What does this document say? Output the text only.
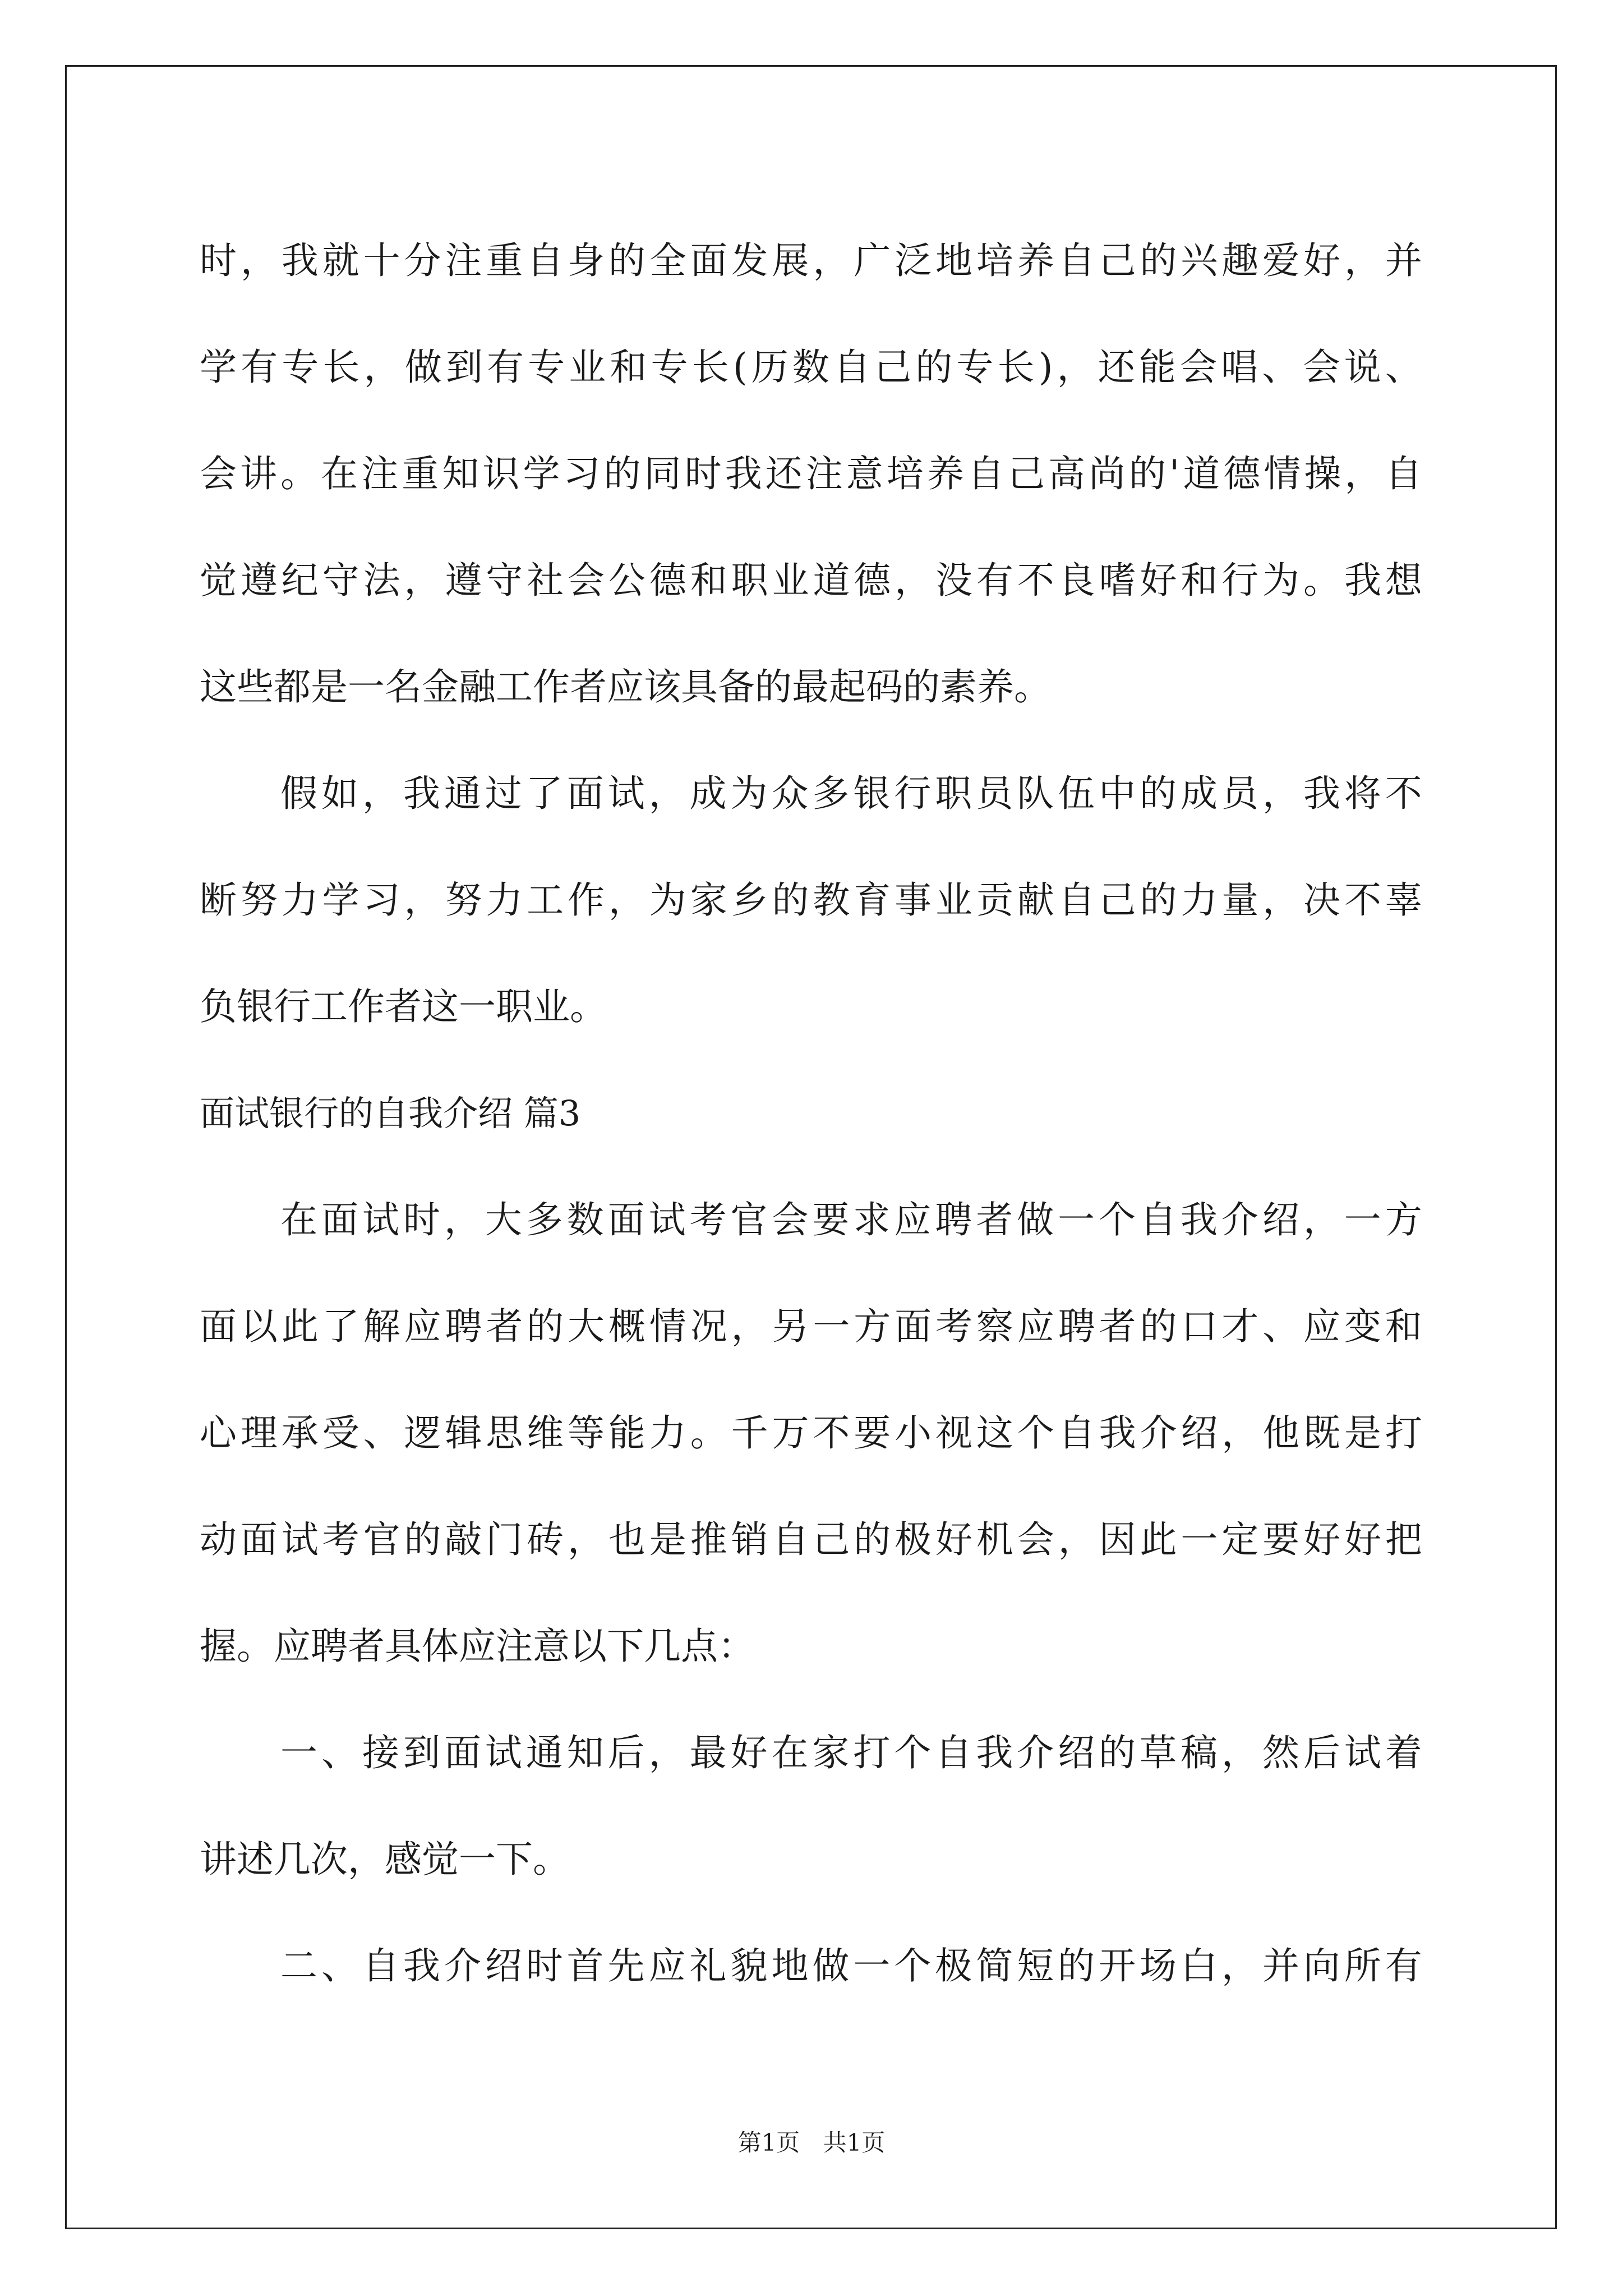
时 ， 我 就 十 分 注 重 自 身 的 全 面 发 展 ， 广 泛 地 培 养 自 己 的 兴 趣 爱 好 ， 并
学 有 专 长 ， 做 到 有 专 业 和 专 长 ( 历 数 自 己 的 专 长 ) ， 还 能 会 唱 、 会 说 、
会 讲 。 在 注 重 知 识 学 习 的 同 时 我 还 注 意 培 养 自 己 高 尚 的 ' 道 德 情 操 ， 自
觉 遵 纪 守 法 ， 遵 守 社 会 公 德 和 职 业 道 德 ， 没 有 不 良 嗜 好 和 行 为 。 我 想
这些都是一名金融工作者应该具备的最起码的素养。
假 如 ， 我 通 过 了 面 试 ， 成 为 众 多 银 行 职 员 队 伍 中 的 成 员 ， 我 将 不
断 努 力 学 习 ， 努 力 工 作 ， 为 家 乡 的 教 育 事 业 贡 献 自 己 的 力 量 ， 决 不 辜
负银行工作者这一职业。
面试银行的自我介绍 篇3
在 面 试 时 ， 大 多 数 面 试 考 官 会 要 求 应 聘 者 做 一 个 自 我 介 绍 ， 一 方
面 以 此 了 解 应 聘 者 的 大 概 情 况 ， 另 一 方 面 考 察 应 聘 者 的 口 才 、 应 变 和
心 理 承 受 、 逻 辑 思 维 等 能 力 。 千 万 不 要 小 视 这 个 自 我 介 绍 ， 他 既 是 打
动 面 试 考 官 的 敲 门 砖 ， 也 是 推 销 自 己 的 极 好 机 会 ， 因 此 一 定 要 好 好 把
握。应聘者具体应注意以下几点：
一 、 接 到 面 试 通 知 后 ， 最 好 在 家 打 个 自 我 介 绍 的 草 稿 ， 然 后 试 着
讲述几次，感觉一下。
二 、 自 我 介 绍 时 首 先 应 礼 貌 地 做 一 个 极 简 短 的 开 场 白 ， 并 向 所 有
第1页 共1页
